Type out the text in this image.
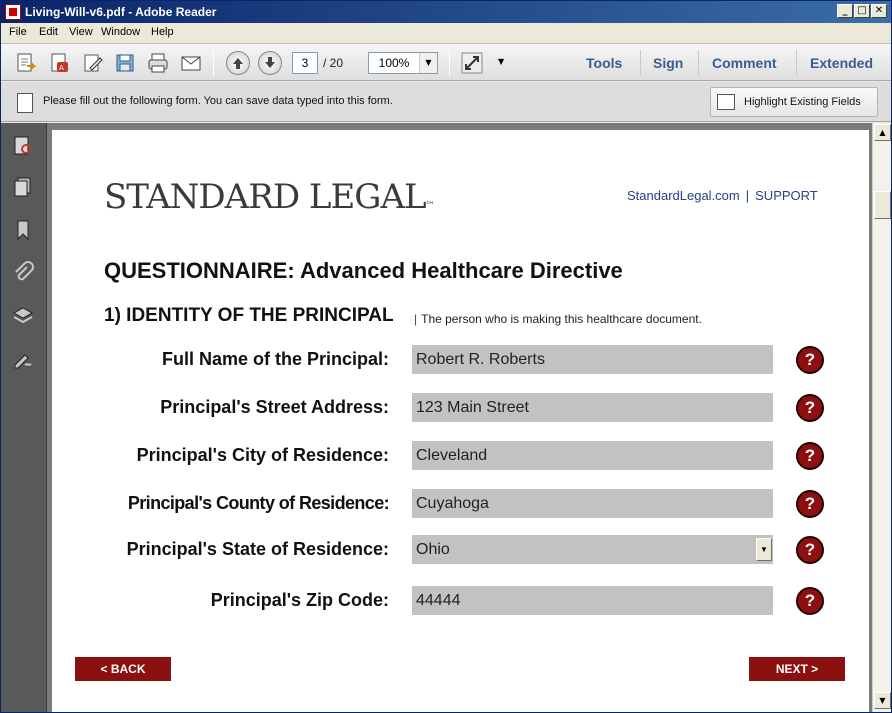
Living-Will-v6.pdf - Adobe Reader	_ □ ✕
File Edit View Window Help
A	3	/ 20	100%	▼	▼	Tools Sign Comment Extended
Please fill out the following form. You can save data typed into this form.	Highlight Existing Fields
STANDARD LEGAL™
StandardLegal.com | SUPPORT
QUESTIONNAIRE: Advanced Healthcare Directive
1) IDENTITY OF THE PRINCIPAL | The person who is making this healthcare document.
Full Name of the Principal: Robert R. Roberts	?
Principal's Street Address: 123 Main Street	?
Principal's City of Residence: Cleveland	?
Principal's County of Residence: Cuyahoga	?
Principal's State of Residence: Ohio	▼	?
Principal's Zip Code: 44444	?
< BACK	NEXT >
▲
▼
